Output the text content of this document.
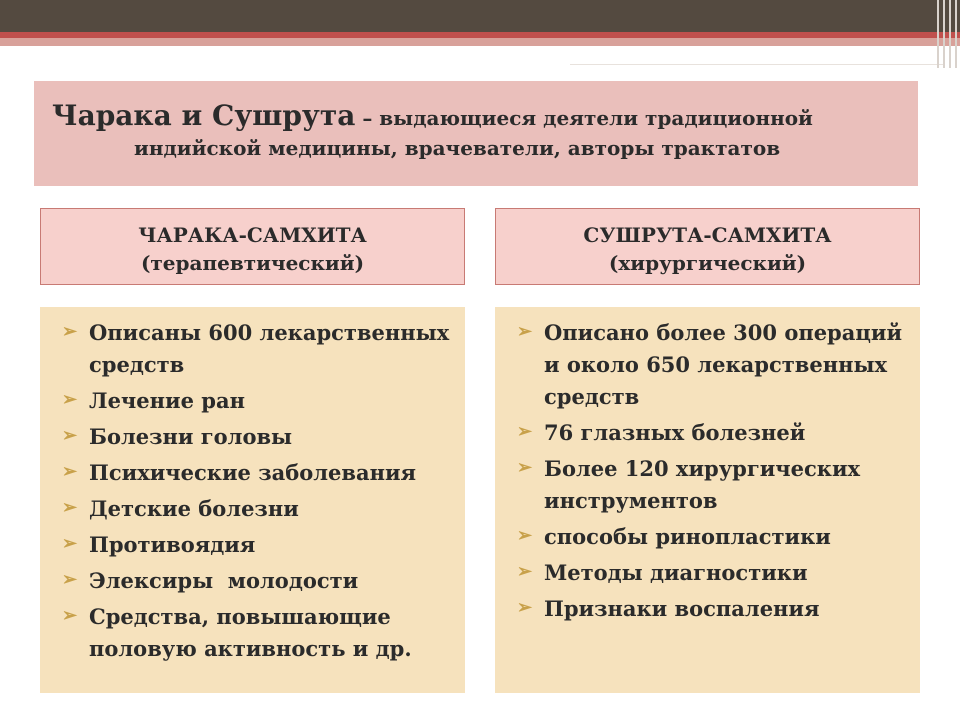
Чарака и Сушрута – выдающиеся деятели традиционной
индийской медицины, врачеватели, авторы трактатов
ЧАРАКА-САМХИТА
(терапевтический)
СУШРУТА-САМХИТА
(хирургический)
➢ Описаны 600 лекарственных средств
➢ Лечение ран
➢ Болезни головы
➢ Психические заболевания
➢ Детские болезни
➢ Противоядия
➢ Элексиры  молодости
➢ Средства, повышающие половую активность и др.
➢ Описано более 300 операций и около 650 лекарственных средств
➢ 76 глазных болезней
➢ Более 120 хирургических инструментов
➢ способы ринопластики
➢ Методы диагностики
➢ Признаки воспаления
